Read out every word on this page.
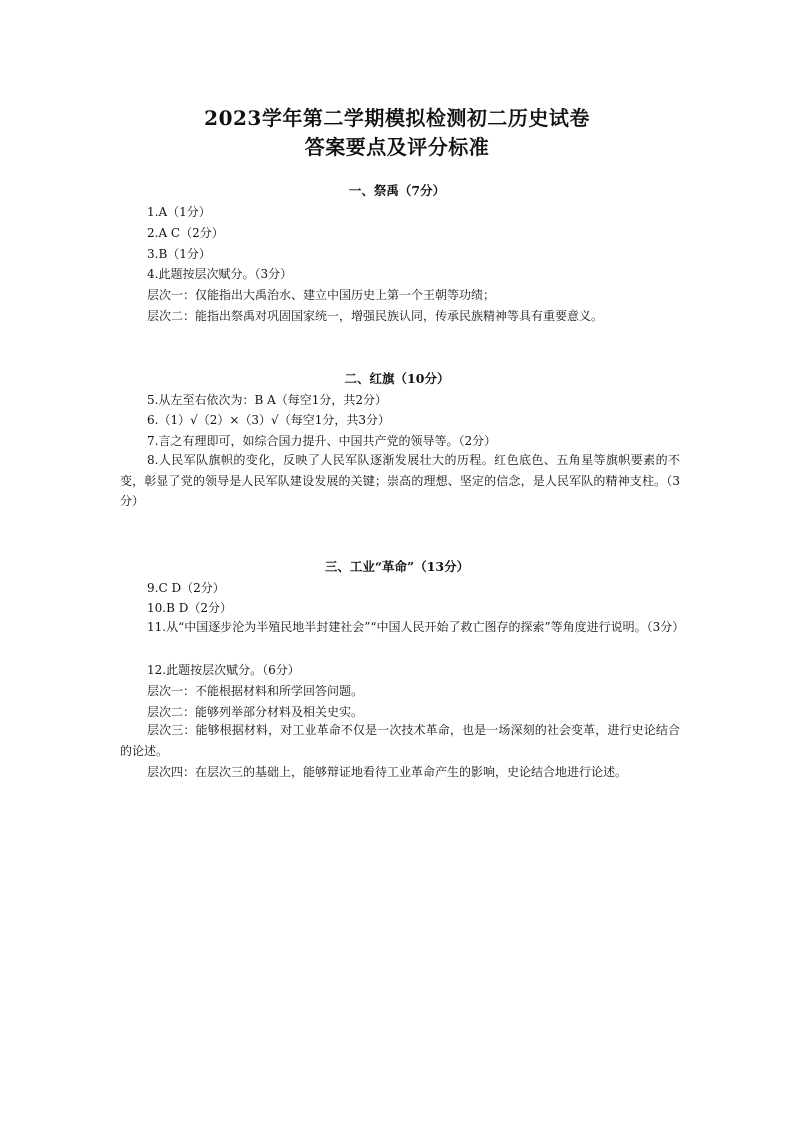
2023学年第二学期模拟检测初二历史试卷
答案要点及评分标准
一、祭禹（7分）
1.A（1分）
2.A C（2分）
3.B（1分）
4.此题按层次赋分。（3分）
层次一：仅能指出大禹治水、建立中国历史上第一个王朝等功绩；
层次二：能指出祭禹对巩固国家统一，增强民族认同，传承民族精神等具有重要意义。
二、红旗（10分）
5.从左至右依次为：B A（每空1分，共2分）
6.（1）√（2）×（3）√（每空1分，共3分）
7.言之有理即可，如综合国力提升、中国共产党的领导等。（2分）
8.人民军队旗帜的变化，反映了人民军队逐渐发展壮大的历程。红色底色、五角星等旗帜要素的不变，彰显了党的领导是人民军队建设发展的关键；崇高的理想、坚定的信念，是人民军队的精神支柱。（3分）
三、工业“革命”（13分）
9.C D（2分）
10.B D（2分）
11.从“中国逐步沦为半殖民地半封建社会”“中国人民开始了救亡图存的探索”等角度进行说明。（3分）
12.此题按层次赋分。（6分）
层次一：不能根据材料和所学回答问题。
层次二：能够列举部分材料及相关史实。
层次三：能够根据材料，对工业革命不仅是一次技术革命，也是一场深刻的社会变革，进行史论结合的论述。
层次四：在层次三的基础上，能够辩证地看待工业革命产生的影响，史论结合地进行论述。
